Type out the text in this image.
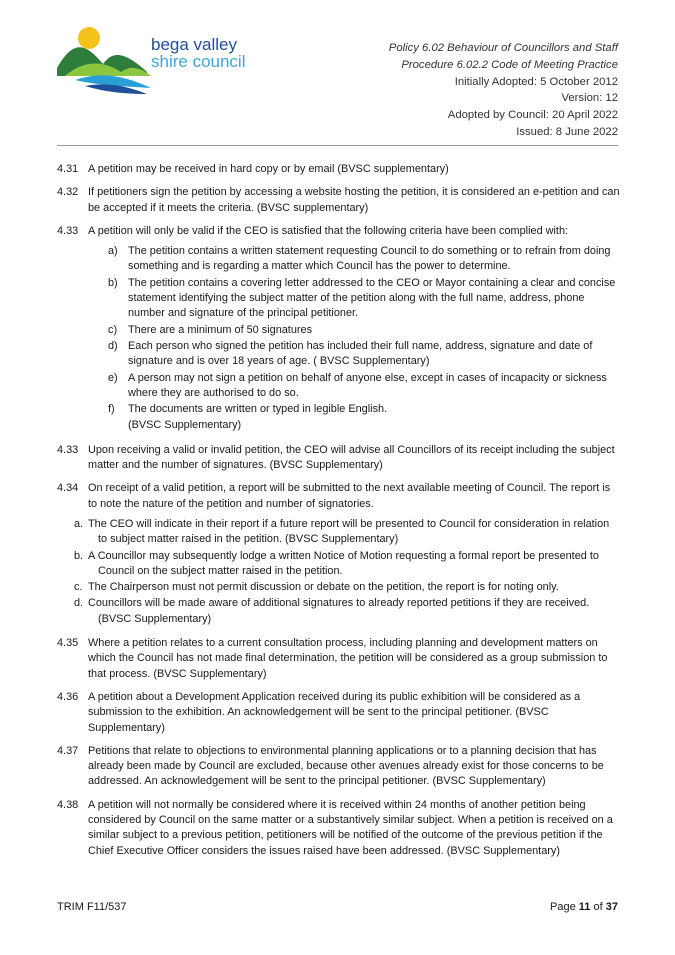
bega valley
shire council
Policy 6.02 Behaviour of Councillors and Staff
Procedure 6.02.2 Code of Meeting Practice
Initially Adopted: 5 October 2012
Version: 12
Adopted by Council: 20 April 2022
Issued: 8 June 2022
4.31 A petition may be received in hard copy or by email (BVSC supplementary)
4.32 If petitioners sign the petition by accessing a website hosting the petition, it is considered an e-petition and can be accepted if it meets the criteria. (BVSC supplementary)
4.33 A petition will only be valid if the CEO is satisfied that the following criteria have been complied with:
a) The petition contains a written statement requesting Council to do something or to refrain from doing something and is regarding a matter which Council has the power to determine.
b) The petition contains a covering letter addressed to the CEO or Mayor containing a clear and concise statement identifying the subject matter of the petition along with the full name, address, phone number and signature of the principal petitioner.
c)	There are a minimum of 50 signatures
d) Each person who signed the petition has included their full name, address, signature and date of signature and is over 18 years of age. ( BVSC Supplementary)
e) A person may not sign a petition on behalf of anyone else, except in cases of incapacity or sickness where they are authorised to do so.
f)	The documents are written or typed in legible English.
(BVSC Supplementary)
4.33 Upon receiving a valid or invalid petition, the CEO will advise all Councillors of its receipt including the subject matter and the number of signatures. (BVSC Supplementary)
4.34 On receipt of a valid petition, a report will be submitted to the next available meeting of Council. The report is to note the nature of the petition and number of signatories.
a. The CEO will indicate in their report if a future report will be presented to Council for consideration in relation to subject matter raised in the petition. (BVSC Supplementary)
b. A Councillor may subsequently lodge a written Notice of Motion requesting a formal report be presented to Council on the subject matter raised in the petition.
c. The Chairperson must not permit discussion or debate on the petition, the report is for noting only.
d. Councillors will be made aware of additional signatures to already reported petitions if they are received. (BVSC Supplementary)
4.35 Where a petition relates to a current consultation process, including planning and development matters on which the Council has not made final determination, the petition will be considered as a group submission to that process. (BVSC Supplementary)
4.36 A petition about a Development Application received during its public exhibition will be considered as a submission to the exhibition. An acknowledgement will be sent to the principal petitioner. (BVSC Supplementary)
4.37 Petitions that relate to objections to environmental planning applications or to a planning decision that has already been made by Council are excluded, because other avenues already exist for those concerns to be addressed. An acknowledgement will be sent to the principal petitioner. (BVSC Supplementary)
4.38 A petition will not normally be considered where it is received within 24 months of another petition being considered by Council on the same matter or a substantively similar subject. When a petition is received on a similar subject to a previous petition, petitioners will be notified of the outcome of the previous petition if the Chief Executive Officer considers the issues raised have been addressed. (BVSC Supplementary)
TRIM F11/537	Page 11 of 37
